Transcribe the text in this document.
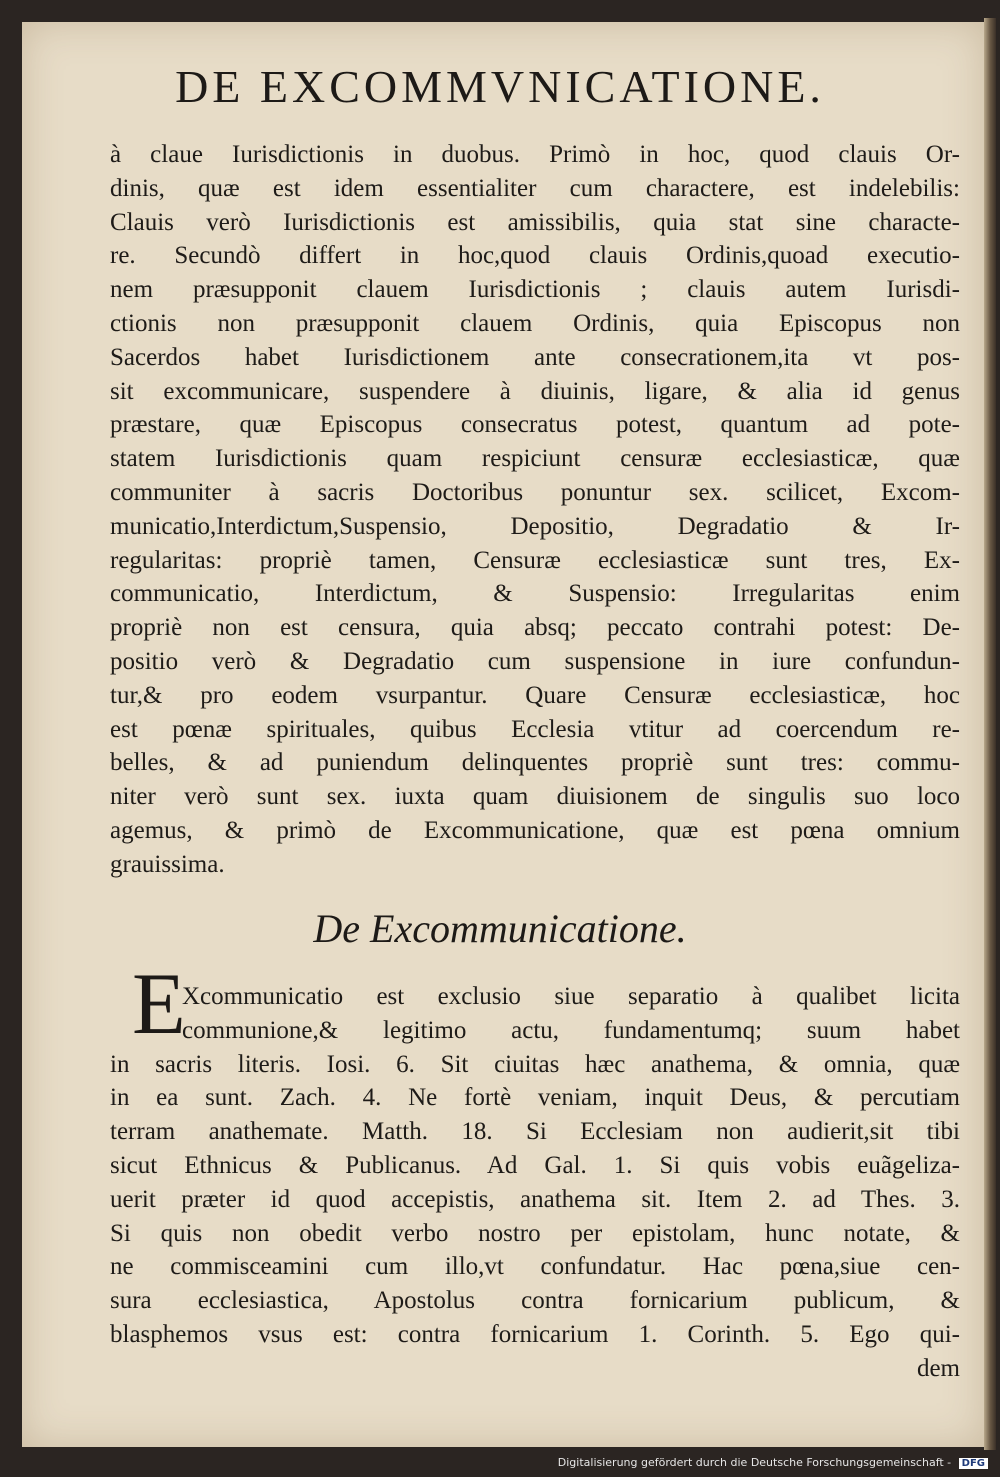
DE EXCOMMVNICATIONE.
à claue Iurisdictionis in duobus. Primò in hoc, quod clauis Or-
dinis, quæ est idem essentialiter cum charactere, est indelebilis:
Clauis verò Iurisdictionis est amissibilis, quia stat sine characte-
re. Secundò differt in hoc,quod clauis Ordinis,quoad executio-
nem præsupponit clauem Iurisdictionis ; clauis autem Iurisdi-
ctionis non præsupponit clauem Ordinis, quia Episcopus non
Sacerdos habet Iurisdictionem ante consecrationem,ita vt pos-
sit excommunicare, suspendere à diuinis, ligare, & alia id genus
præstare, quæ Episcopus consecratus potest, quantum ad pote-
statem Iurisdictionis quam respiciunt censuræ ecclesiasticæ, quæ
communiter à sacris Doctoribus ponuntur sex. scilicet, Excom-
municatio,Interdictum,Suspensio, Depositio, Degradatio & Ir-
regularitas: propriè tamen, Censuræ ecclesiasticæ sunt tres, Ex-
communicatio, Interdictum, & Suspensio: Irregularitas enim
propriè non est censura, quia absq; peccato contrahi potest: De-
positio verò & Degradatio cum suspensione in iure confundun-
tur,& pro eodem vsurpantur. Quare Censuræ ecclesiasticæ, hoc
est pœnæ spirituales, quibus Ecclesia vtitur ad coercendum re-
belles, & ad puniendum delinquentes propriè sunt tres: commu-
niter verò sunt sex. iuxta quam diuisionem de singulis suo loco
agemus, & primò de Excommunicatione, quæ est pœna omnium
grauissima.
De Excommunicatione.
E
Xcommunicatio est exclusio siue separatio à qualibet licita
communione,& legitimo actu, fundamentumq; suum habet
in sacris literis. Iosi. 6. Sit ciuitas hæc anathema, & omnia, quæ
in ea sunt. Zach. 4. Ne fortè veniam, inquit Deus, & percutiam
terram anathemate. Matth. 18. Si Ecclesiam non audierit,sit tibi
sicut Ethnicus & Publicanus. Ad Gal. 1. Si quis vobis euãgeliza-
uerit præter id quod accepistis, anathema sit. Item 2. ad Thes. 3.
Si quis non obedit verbo nostro per epistolam, hunc notate, &
ne commisceamini cum illo,vt confundatur. Hac pœna,siue cen-
sura ecclesiastica, Apostolus contra fornicarium publicum, &
blasphemos vsus est: contra fornicarium 1. Corinth. 5. Ego qui-
dem
Digitalisierung gefördert durch die Deutsche Forschungsgemeinschaft - DFG
